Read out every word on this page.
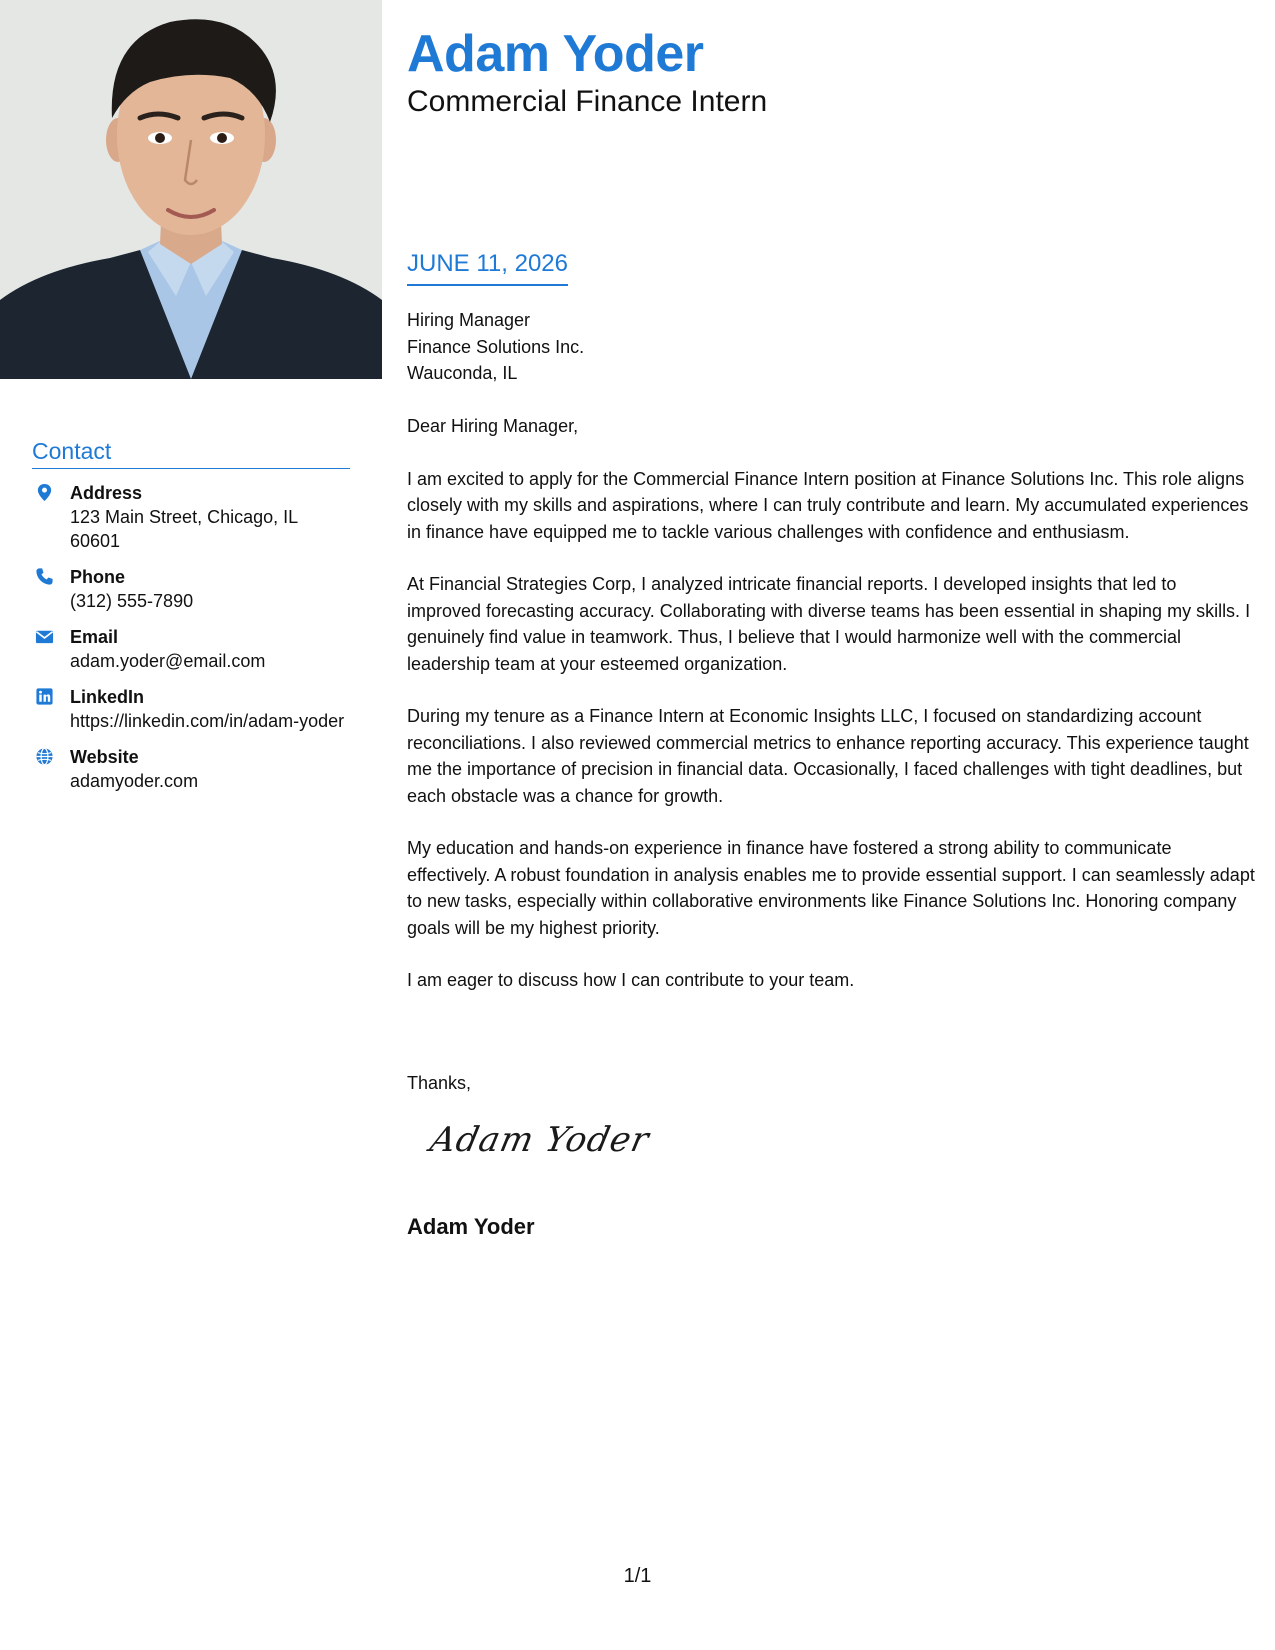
Contact
Address
123 Main Street, Chicago, IL 60601
Phone
(312) 555-7890
Email
adam.yoder@email.com
LinkedIn
https://linkedin.com/in/adam-yoder
Website
adamyoder.com
Adam Yoder
Commercial Finance Intern
JUNE 11, 2026
Hiring Manager
Finance Solutions Inc.
Wauconda, IL

Dear Hiring Manager,

I am excited to apply for the Commercial Finance Intern position at Finance Solutions Inc. This role aligns closely with my skills and aspirations, where I can truly contribute and learn. My accumulated experiences in finance have equipped me to tackle various challenges with confidence and enthusiasm.

At Financial Strategies Corp, I analyzed intricate financial reports. I developed insights that led to improved forecasting accuracy. Collaborating with diverse teams has been essential in shaping my skills. I genuinely find value in teamwork. Thus, I believe that I would harmonize well with the commercial leadership team at your esteemed organization.

During my tenure as a Finance Intern at Economic Insights LLC, I focused on standardizing account reconciliations. I also reviewed commercial metrics to enhance reporting accuracy. This experience taught me the importance of precision in financial data. Occasionally, I faced challenges with tight deadlines, but each obstacle was a chance for growth.

My education and hands-on experience in finance have fostered a strong ability to communicate effectively. A robust foundation in analysis enables me to provide essential support. I can seamlessly adapt to new tasks, especially within collaborative environments like Finance Solutions Inc. Honoring company goals will be my highest priority.

I am eager to discuss how I can contribute to your team.

Thanks,
Adam Yoder
Adam Yoder
1/1
